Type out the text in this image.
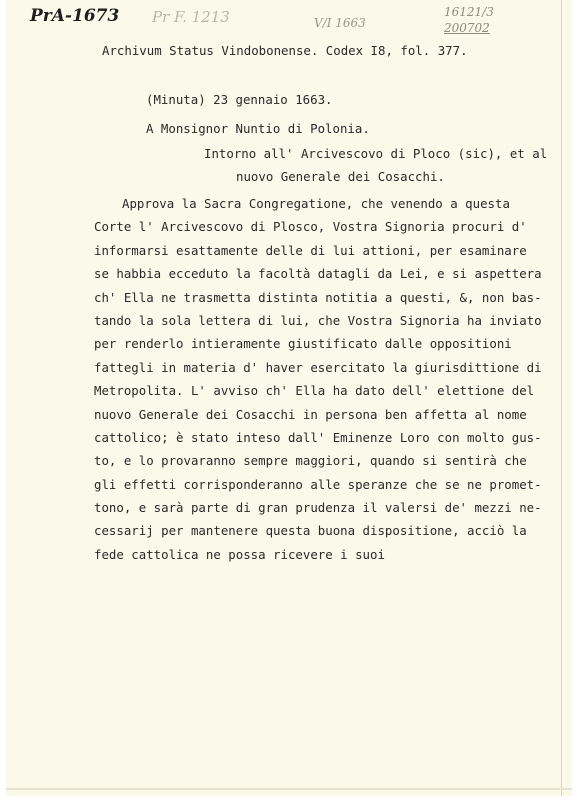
PrA-1673 Pr F. 1213	V/I 1663
16121/3
200702
Archivum Status Vindobonense. Codex I8, fol. 377.
(Minuta) 23 gennaio 1663.
A Monsignor Nuntio di Polonia.
Intorno all' Arcivescovo di Ploco (sic), et al
nuovo Generale dei Cosacchi.
Approva la Sacra Congregatione, che venendo a questa
Corte l' Arcivescovo di Plosco, Vostra Signoria procuri d'
informarsi esattamente delle di lui attioni, per esaminare
se habbia ecceduto la facoltà datagli da Lei, e si aspettera
ch' Ella ne trasmetta distinta notitia a questi, &, non bas-
tando la sola lettera di lui, che Vostra Signoria ha inviato
per renderlo intieramente giustificato dalle oppositioni
fattegli in materia d' haver esercitato la giurisdittione di
Metropolita. L' avviso ch' Ella ha dato dell' elettione del
nuovo Generale dei Cosacchi in persona ben affetta al nome
cattolico; è stato inteso dall' Eminenze Loro con molto gus-
to, e lo provaranno sempre maggiori, quando si sentirà che
gli effetti corrisponderanno alle speranze che se ne promet-
tono, e sarà parte di gran prudenza il valersi de' mezzi ne-
cessarij per mantenere questa buona dispositione, acciò la
fede cattolica ne possa ricevere i suoi
